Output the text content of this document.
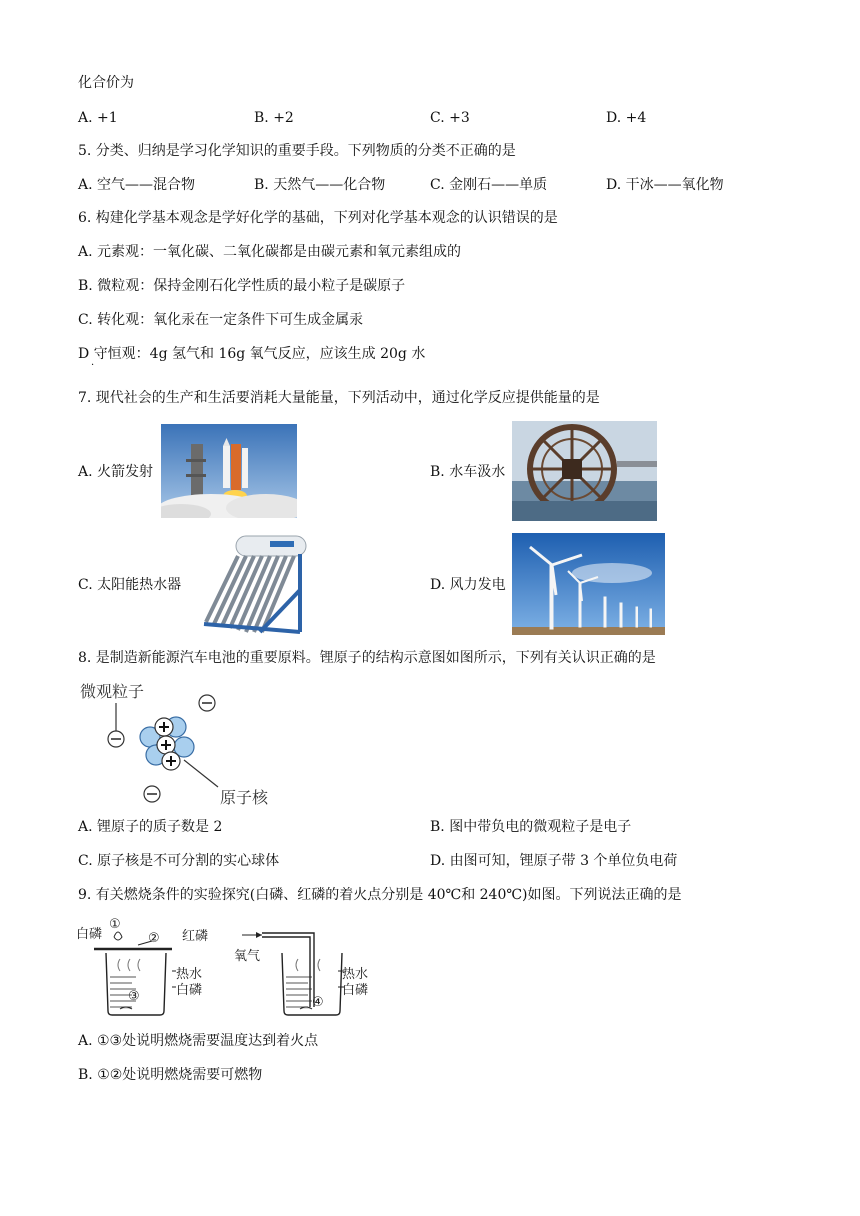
化合价为
A. +1	B. +2	C. +3	D. +4
5. 分类、归纳是学习化学知识的重要手段。下列物质的分类不正确的是
A. 空气——混合物	B. 天然气——化合物	C. 金刚石——单质	D. 干冰——氧化物
6. 构建化学基本观念是学好化学的基础，下列对化学基本观念的认识错误的是
A. 元素观：一氧化碳、二氧化碳都是由碳元素和氧元素组成的
B. 微粒观：保持金刚石化学性质的最小粒子是碳原子
C. 转化观：氧化汞在一定条件下可生成金属汞
D 守恒观：4g 氢气和 16g 氧气反应，应该生成 20g 水
·
7. 现代社会的生产和生活要消耗大量能量，下列活动中，通过化学反应提供能量的是
A. 火箭发射	B. 水车汲水
C. 太阳能热水器	D. 风力发电
8. 是制造新能源汽车电池的重要原料。锂原子的结构示意图如图所示，下列有关认识正确的是
微观粒子
原子核
A. 锂原子的质子数是 2	B. 图中带负电的微观粒子是电子
C. 原子核是不可分割的实心球体	D. 由图可知，锂原子带 3 个单位负电荷
9. 有关燃烧条件的实验探究(白磷、红磷的着火点分别是 40℃和 240℃)如图。下列说法正确的是
白磷
①
② 红磷
热水
白磷
③
氧气
热水
白磷
④
A. ①③处说明燃烧需要温度达到着火点
B. ①②处说明燃烧需要可燃物
